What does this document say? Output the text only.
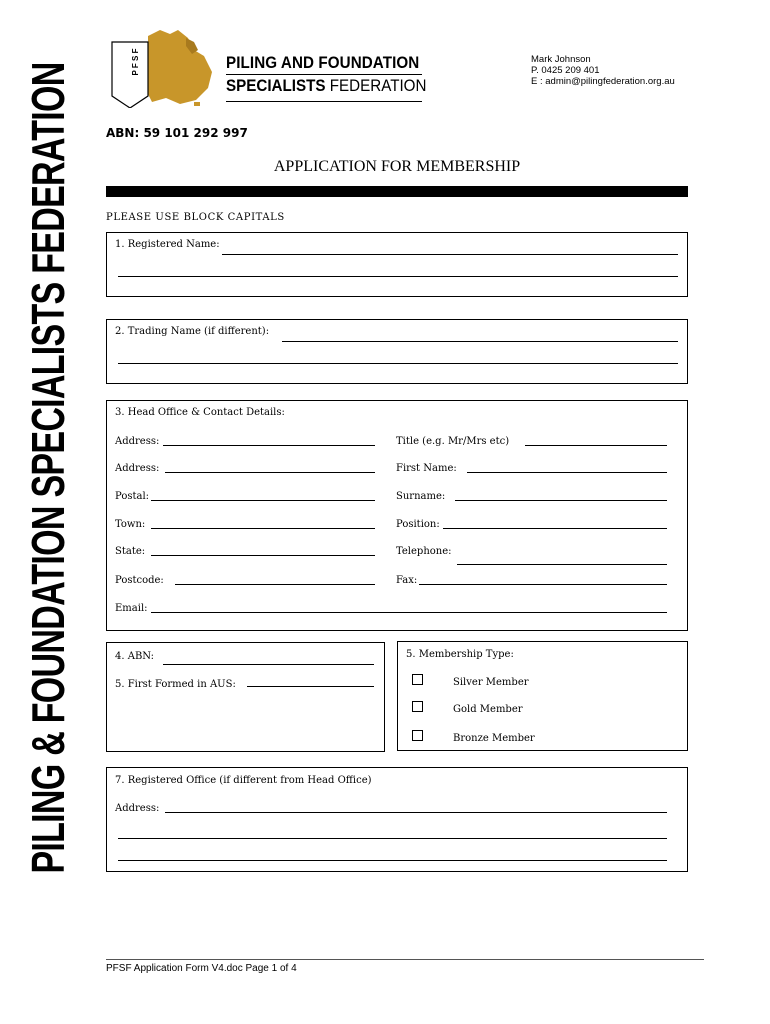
PILING & FOUNDATION SPECIALISTS FEDERATION
P F S F	PILING AND FOUNDATION
SPECIALISTS FEDERATION
Mark Johnson
P. 0425 209 401
E : admin@pilingfederation.org.au
ABN: 59 101 292 997
APPLICATION FOR MEMBERSHIP
PLEASE USE BLOCK CAPITALS
1. Registered Name:
2. Trading Name (if different):
3. Head Office & Contact Details:
Address:
Address:
Postal:
Town:
State:
Postcode:
Email:
Title (e.g. Mr/Mrs etc)
First Name:
Surname:
Position:
Telephone:
Fax:
4. ABN:
5. First Formed in AUS:
5. Membership Type:
Silver Member
Gold Member
Bronze Member
7. Registered Office (if different from Head Office)
Address:
PFSF Application Form V4.doc Page 1 of 4
